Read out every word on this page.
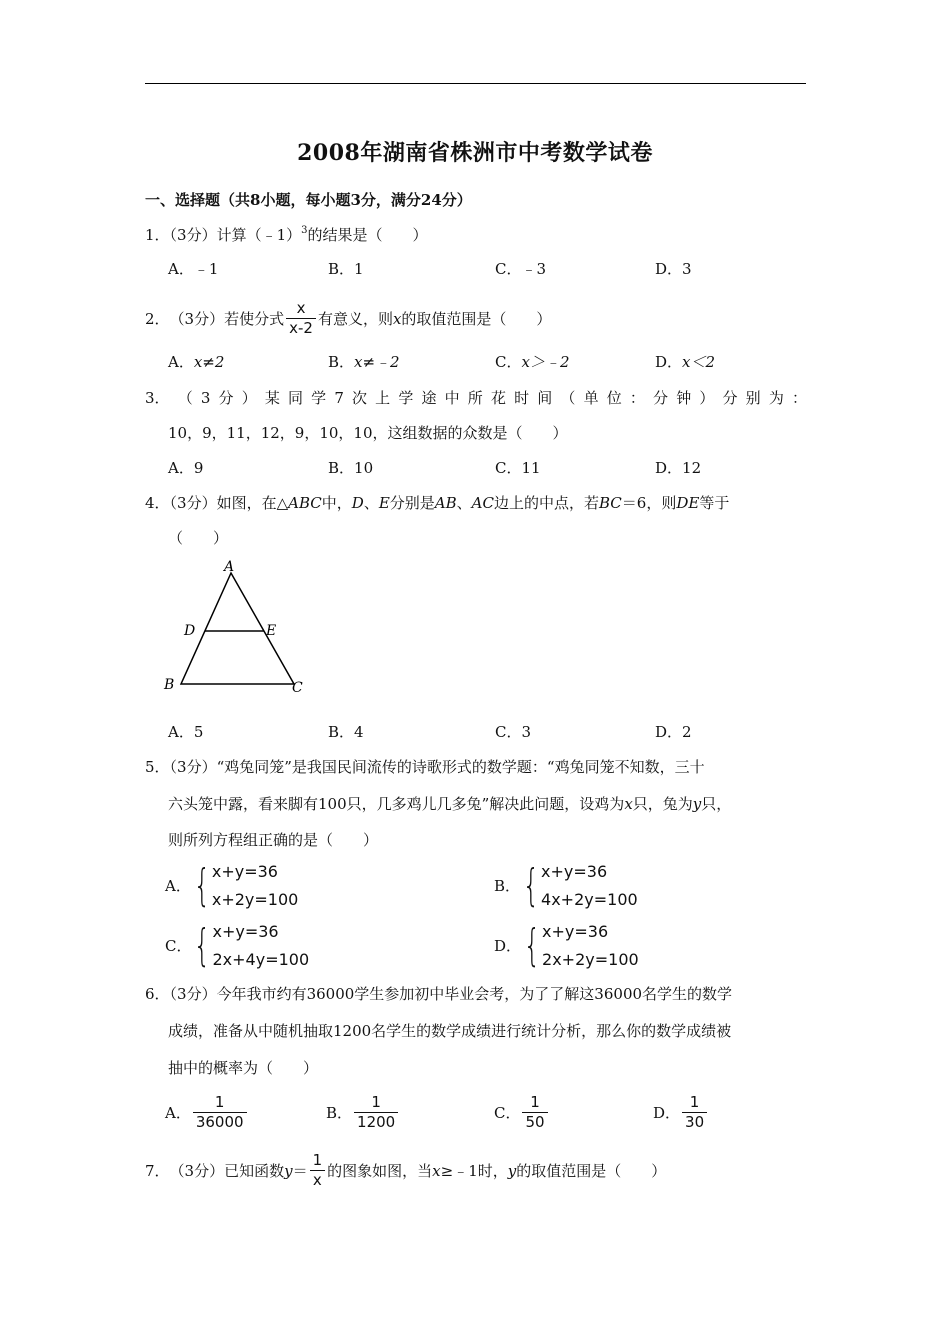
2008年湖南省株洲市中考数学试卷
一、选择题（共8小题，每小题3分，满分24分）
1．（3分）计算（﹣1）$^3$的结果是（　　）
A．﹣1	B．1	C．﹣3	D．3
2． （3分）若使分式 $\frac{x}{x-2}$ 有意义，则 x 的取值范围是（　　）
A．x≠2	B．x≠﹣2	C．x＞﹣2	D．x＜2
3． （ 3 分 ） 某 同 学 7 次 上 学 途 中 所 花 时 间 （ 单 位 ： 分 钟 ） 分 别 为 ：
10，9，11，12，9，10，10，这组数据的众数是（　　）
A．9	B．10	C．11	D．12
4．（3分）如图，在△ABC中，D、E分别是AB、AC边上的中点，若BC＝6，则DE等于
（　　）
A
D	E
B	C
A．5	B．4	C．3	D．2
5．（3分）“鸡兔同笼”是我国民间流传的诗歌形式的数学题：“鸡兔同笼不知数，三十
六头笼中露，看来脚有100只，几多鸡儿几多兔”解决此问题，设鸡为x只，兔为y只，
则所列方程组正确的是（　　）
A． { x+y=36
x+2y=100
B． { x+y=36
4x+2y=100
C． { x+y=36
2x+4y=100
D． { x+y=36
2x+2y=100
6．（3分）今年我市约有36000学生参加初中毕业会考，为了了解这36000名学生的数学
成绩，准备从中随机抽取1200名学生的数学成绩进行统计分析，那么你的数学成绩被
抽中的概率为（　　）
A． $\frac{1}{36000}$	B． $\frac{1}{1200}$	C． $\frac{1}{50}$	D． $\frac{1}{30}$
7． （3分）已知函数 $y = \frac{1}{x}$ 的图象如图，当 x ≥﹣1时， y 的取值范围是（　　）
